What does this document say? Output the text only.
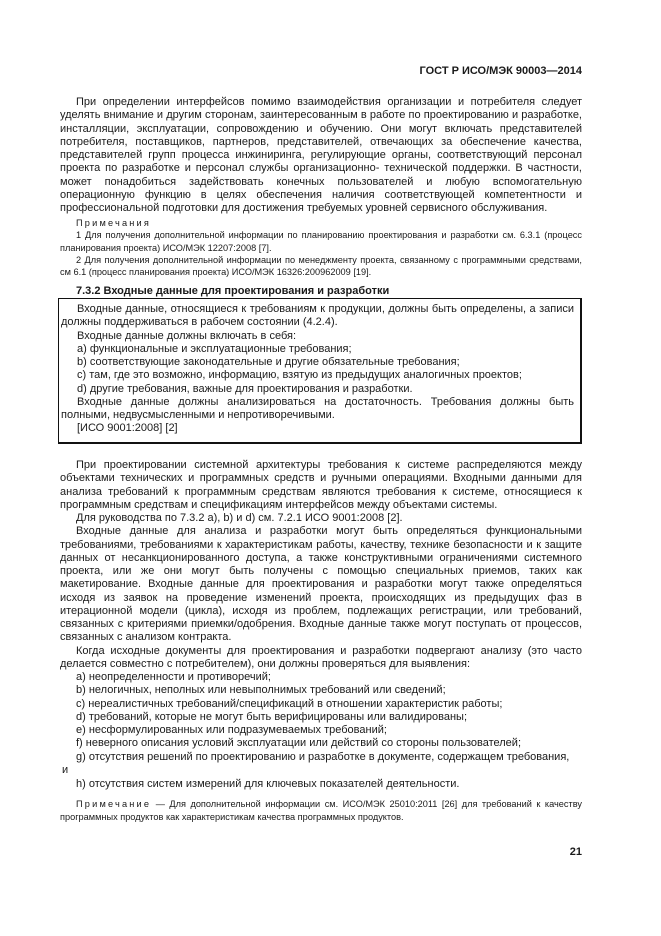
ГОСТ Р ИСО/МЭК 90003—2014

При определении интерфейсов помимо взаимодействия организации и потребителя следует уделять внимание и другим сторонам, заинтересованным в работе по проектированию и разработке, инсталляции, эксплуатации, сопровождению и обучению. Они могут включать представителей потребителя, поставщиков, партнеров, представителей, отвечающих за обеспечение качества, представителей групп процесса инжиниринга, регулирующие органы, соответствующий персонал проекта по разработке и персонал службы организационно- технической поддержки. В частности, может понадобиться задействовать конечных пользователей и любую вспомогательную операционную функцию в целях обеспечения наличия соответствующей компетентности и профессиональной подготовки для достижения требуемых уровней сервисного обслуживания.

Примечания

1 Для получения дополнительной информации по планированию проектирования и разработки см. 6.3.1 (процесс планирования проекта) ИСО/МЭК 12207:2008 [7].

2 Для получения дополнительной информации по менеджменту проекта, связанному с программными средствами, см 6.1 (процесс планирования проекта) ИСО/МЭК 16326:200962009 [19].

7.3.2 Входные данные для проектирования и разработки

Входные данные, относящиеся к требованиям к продукции, должны быть определены, а записи должны поддерживаться в рабочем состоянии (4.2.4).

Входные данные должны включать в себя:

a) функциональные и эксплуатационные требования;

b) соответствующие законодательные и другие обязательные требования;

c) там, где это возможно, информацию, взятую из предыдущих аналогичных проектов;

d) другие требования, важные для проектирования и разработки.

Входные данные должны анализироваться на достаточность. Требования должны быть полными, недвусмысленными и непротиворечивыми.

[ИСО 9001:2008] [2]

При проектировании системной архитектуры требования к системе распределяются между объектами технических и программных средств и ручными операциями. Входными данными для анализа требований к программным средствам являются требования к системе, относящиеся к программным средствам и спецификациям интерфейсов между объектами системы.

Для руководства по 7.3.2 a), b) и d) см. 7.2.1 ИСО 9001:2008 [2].

Входные данные для анализа и разработки могут быть определяться функциональными требованиями, требованиями к характеристикам работы, качеству, технике безопасности и к защите данных от несанкционированного доступа, а также конструктивными ограничениями системного проекта, или же они могут быть получены с помощью специальных приемов, таких как макетирование. Входные данные для проектирования и разработки могут также определяться исходя из заявок на проведение изменений проекта, происходящих из предыдущих фаз в итерационной модели (цикла), исходя из проблем, подлежащих регистрации, или требований, связанных с критериями приемки/одобрения. Входные данные также могут поступать от процессов, связанных с анализом контракта.

Когда исходные документы для проектирования и разработки подвергают анализу (это часто делается совместно с потребителем), они должны проверяться для выявления:

a) неопределенности и противоречий;

b) нелогичных, неполных или невыполнимых требований или сведений;

c) нереалистичных требований/спецификаций в отношении характеристик работы;

d) требований, которые не могут быть верифицированы или валидированы;

e) несформулированных или подразумеваемых требований;

f) неверного описания условий эксплуатации или действий со стороны пользователей;

g) отсутствия решений по проектированию и разработке в документе, содержащем требования,

и

h) отсутствия систем измерений для ключевых показателей деятельности.

Примечание — Для дополнительной информации см. ИСО/МЭК 25010:2011 [26] для требований к качеству программных продуктов как характеристикам качества программных продуктов.

21
